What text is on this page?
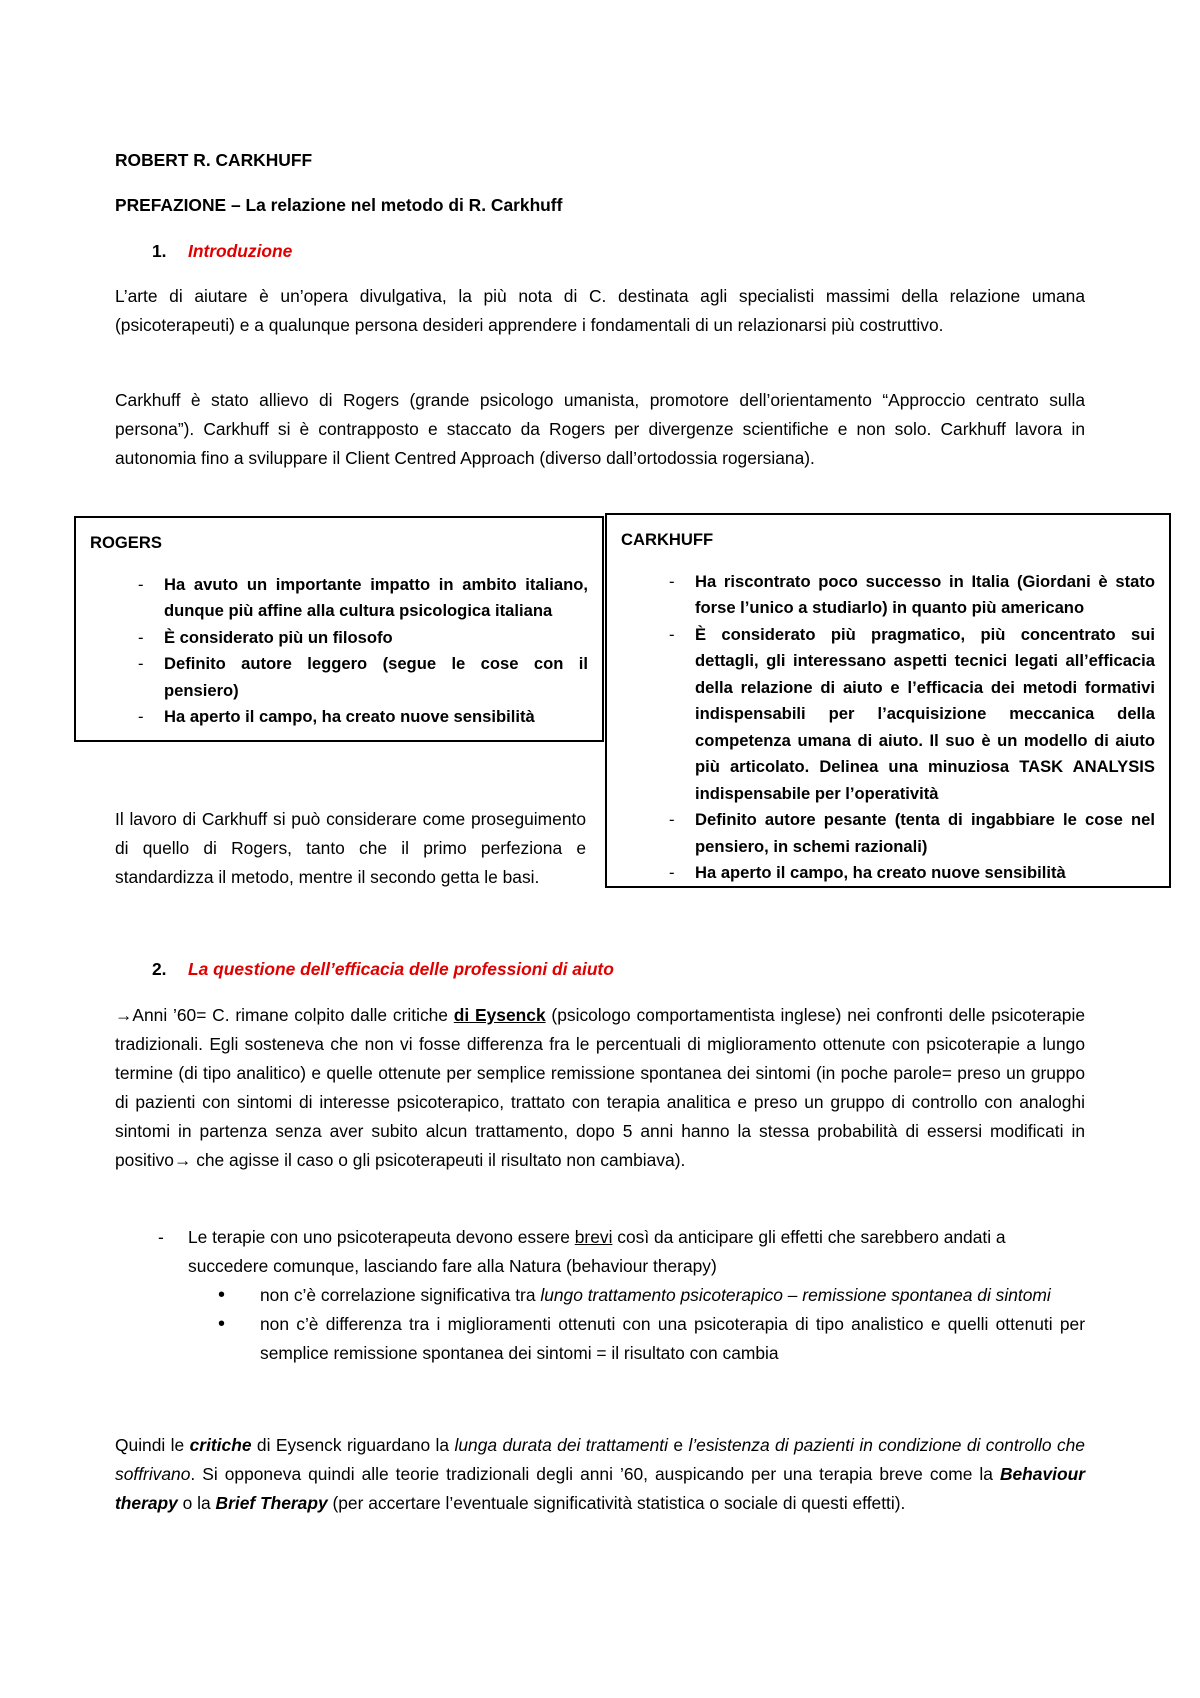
ROBERT R. CARKHUFF

PREFAZIONE – La relazione nel metodo di R. Carkhuff

1. Introduzione

L’arte di aiutare è un’opera divulgativa, la più nota di C. destinata agli specialisti massimi della relazione umana (psicoterapeuti) e a qualunque persona desideri apprendere i fondamentali di un relazionarsi più costruttivo.

Carkhuff è stato allievo di Rogers (grande psicologo umanista, promotore dell’orientamento “Approccio centrato sulla persona”). Carkhuff si è contrapposto e staccato da Rogers per divergenze scientifiche e non solo. Carkhuff lavora in autonomia fino a sviluppare il Client Centred Approach (diverso dall’ortodossia rogersiana).

ROGERS
- Ha avuto un importante impatto in ambito italiano, dunque più affine alla cultura psicologica italiana
- È considerato più un filosofo
- Definito autore leggero (segue le cose con il pensiero)
- Ha aperto il campo, ha creato nuove sensibilità
CARKHUFF
- Ha riscontrato poco successo in Italia (Giordani è stato forse l’unico a studiarlo) in quanto più americano
- È considerato più pragmatico, più concentrato sui dettagli, gli interessano aspetti tecnici legati all’efficacia della relazione di aiuto e l’efficacia dei metodi formativi indispensabili per l’acquisizione meccanica della competenza umana di aiuto. Il suo è un modello di aiuto più articolato. Delinea una minuziosa TASK ANALYSIS indispensabile per l’operatività
- Definito autore pesante (tenta di ingabbiare le cose nel pensiero, in schemi razionali)
- Ha aperto il campo, ha creato nuove sensibilità

Il lavoro di Carkhuff si può considerare come proseguimento di quello di Rogers, tanto che il primo perfeziona e standardizza il metodo, mentre il secondo getta le basi.

2. La questione dell’efficacia delle professioni di aiuto

→Anni ’60= C. rimane colpito dalle critiche di Eysenck (psicologo comportamentista inglese) nei confronti delle psicoterapie tradizionali. Egli sosteneva che non vi fosse differenza fra le percentuali di miglioramento ottenute con psicoterapie a lungo termine (di tipo analitico) e quelle ottenute per semplice remissione spontanea dei sintomi (in poche parole= preso un gruppo di pazienti con sintomi di interesse psicoterapico, trattato con terapia analitica e preso un gruppo di controllo con analoghi sintomi in partenza senza aver subito alcun trattamento, dopo 5 anni hanno la stessa probabilità di essersi modificati in positivo→ che agisse il caso o gli psicoterapeuti il risultato non cambiava).

- Le terapie con uno psicoterapeuta devono essere brevi così da anticipare gli effetti che sarebbero andati a succedere comunque, lasciando fare alla Natura (behaviour therapy)
• non c’è correlazione significativa tra lungo trattamento psicoterapico – remissione spontanea di sintomi
• non c’è differenza tra i miglioramenti ottenuti con una psicoterapia di tipo analistico e quelli ottenuti per semplice remissione spontanea dei sintomi = il risultato con cambia

Quindi le critiche di Eysenck riguardano la lunga durata dei trattamenti e l’esistenza di pazienti in condizione di controllo che soffrivano. Si opponeva quindi alle teorie tradizionali degli anni ’60, auspicando per una terapia breve come la Behaviour therapy o la Brief Therapy (per accertare l’eventuale significatività statistica o sociale di questi effetti).
